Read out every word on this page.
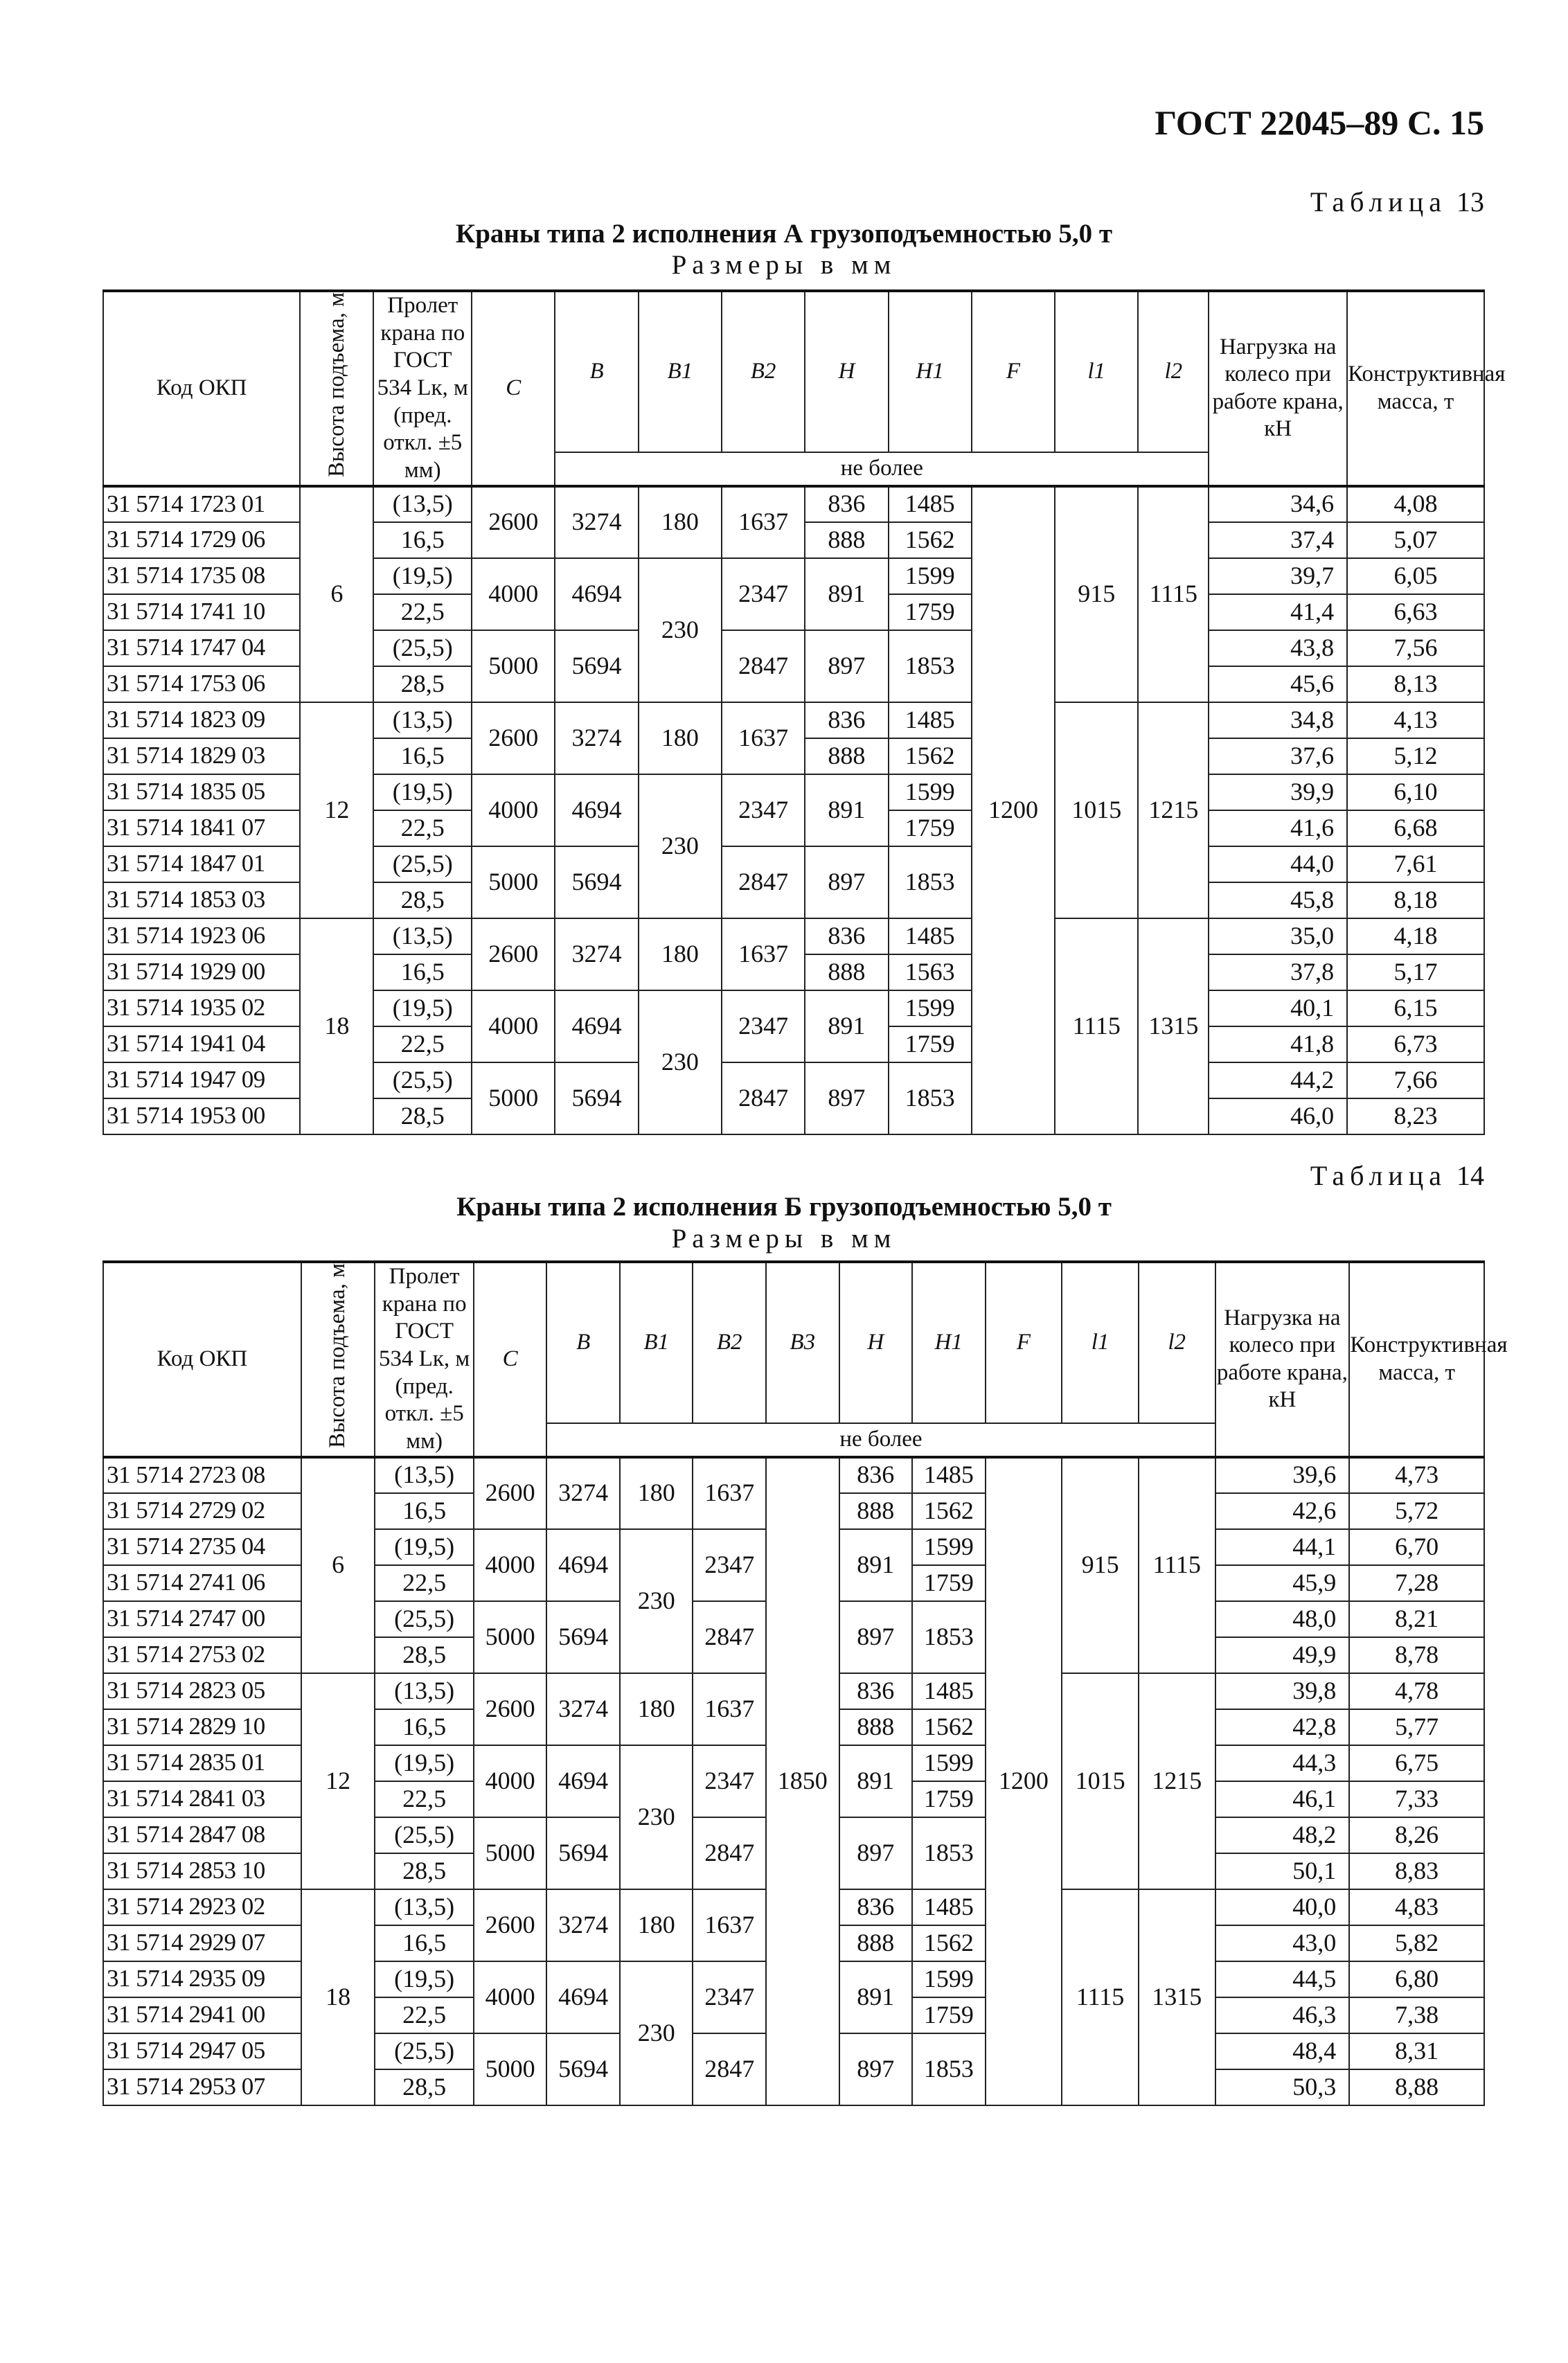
ГОСТ 22045–89 С. 15
Таблица 13
Краны типа 2 исполнения А грузоподъемностью 5,0 т
Размеры в мм
Код ОКП	Высота подъема, м	Пролет крана по ГОСТ 534 Lк, м (пред. откл. ±5 мм)	C	B	B1	B2	H	H1	F	l1	l2	Нагрузка на колесо при работе крана, кН	Конструктивная масса, т
				не более									
31 5714 1723 01	6	(13,5)	2600	3274	180	1637	836	1485	1200	915	1115	34,6	4,08
31 5714 1729 06		16,5					888	1562				37,4	5,07
31 5714 1735 08		(19,5)	4000	4694	230	2347	891	1599				39,7	6,05
31 5714 1741 10		22,5						1759				41,4	6,63
31 5714 1747 04		(25,5)	5000	5694		2847	897	1853				43,8	7,56
31 5714 1753 06		28,5										45,6	8,13
31 5714 1823 09	12	(13,5)	2600	3274	180	1637	836	1485		1015	1215	34,8	4,13
31 5714 1829 03		16,5					888	1562				37,6	5,12
31 5714 1835 05		(19,5)	4000	4694	230	2347	891	1599				39,9	6,10
31 5714 1841 07		22,5						1759				41,6	6,68
31 5714 1847 01		(25,5)	5000	5694		2847	897	1853				44,0	7,61
31 5714 1853 03		28,5										45,8	8,18
31 5714 1923 06	18	(13,5)	2600	3274	180	1637	836	1485		1115	1315	35,0	4,18
31 5714 1929 00		16,5					888	1563				37,8	5,17
31 5714 1935 02		(19,5)	4000	4694	230	2347	891	1599				40,1	6,15
31 5714 1941 04		22,5						1759				41,8	6,73
31 5714 1947 09		(25,5)	5000	5694		2847	897	1853				44,2	7,66
31 5714 1953 00		28,5										46,0	8,23
Таблица 14
Краны типа 2 исполнения Б грузоподъемностью 5,0 т
Размеры в мм
Код ОКП	Высота подъема, м	Пролет крана по ГОСТ 534 Lк, м (пред. откл. ±5 мм)	C	B	B1	B2	B3	H	H1	F	l1	l2	Нагрузка на колесо при работе крана, кН	Конструктивная масса, т
				не более										
31 5714 2723 08	6	(13,5)	2600	3274	180	1637	1850	836	1485	1200	915	1115	39,6	4,73
31 5714 2729 02		16,5						888	1562				42,6	5,72
31 5714 2735 04		(19,5)	4000	4694	230	2347		891	1599				44,1	6,70
31 5714 2741 06		22,5							1759				45,9	7,28
31 5714 2747 00		(25,5)	5000	5694		2847		897	1853				48,0	8,21
31 5714 2753 02		28,5											49,9	8,78
31 5714 2823 05	12	(13,5)	2600	3274	180	1637		836	1485		1015	1215	39,8	4,78
31 5714 2829 10		16,5						888	1562				42,8	5,77
31 5714 2835 01		(19,5)	4000	4694	230	2347		891	1599				44,3	6,75
31 5714 2841 03		22,5							1759				46,1	7,33
31 5714 2847 08		(25,5)	5000	5694		2847		897	1853				48,2	8,26
31 5714 2853 10		28,5											50,1	8,83
31 5714 2923 02	18	(13,5)	2600	3274	180	1637		836	1485		1115	1315	40,0	4,83
31 5714 2929 07		16,5						888	1562				43,0	5,82
31 5714 2935 09		(19,5)	4000	4694	230	2347		891	1599				44,5	6,80
31 5714 2941 00		22,5							1759				46,3	7,38
31 5714 2947 05		(25,5)	5000	5694		2847		897	1853				48,4	8,31
31 5714 2953 07		28,5											50,3	8,88
